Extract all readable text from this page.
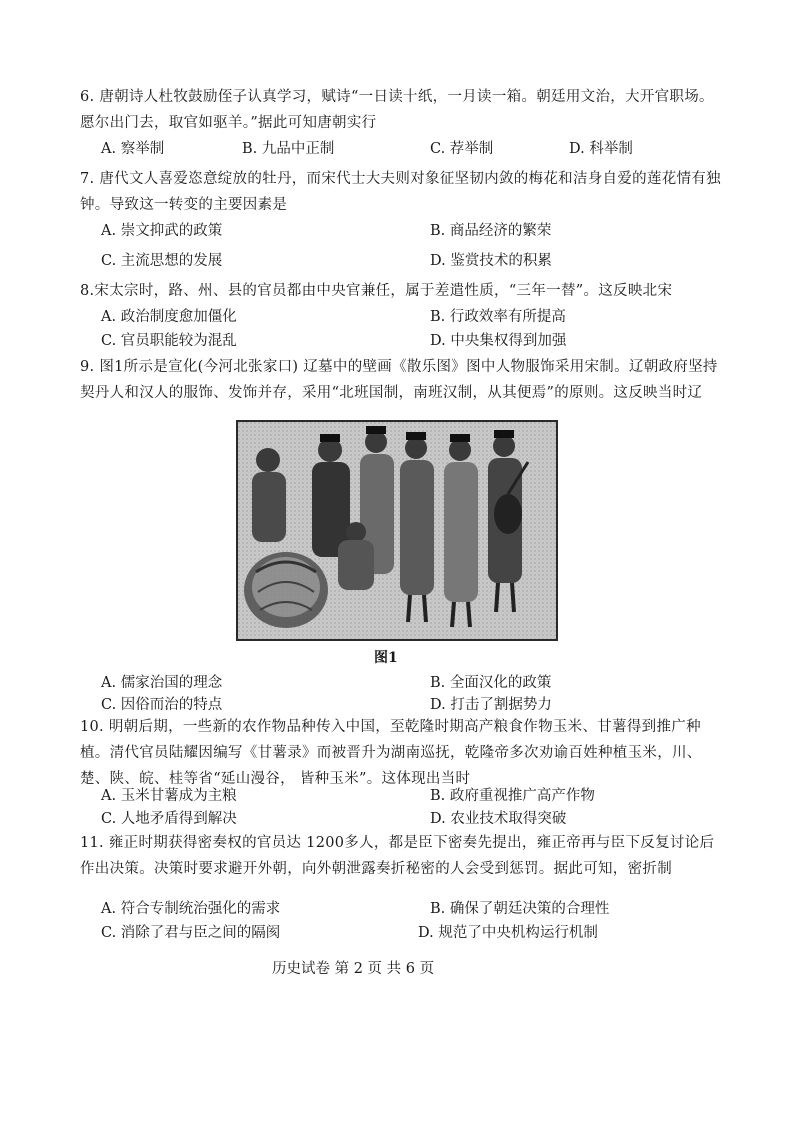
6. 唐朝诗人杜牧鼓励侄子认真学习，赋诗“一日读十纸，一月读一箱。朝廷用文治，大开官职场。愿尔出门去，取官如驱羊。”据此可知唐朝实行
A. 察举制	B. 九品中正制	C. 荐举制	D. 科举制
7. 唐代文人喜爱恣意绽放的牡丹，而宋代士大夫则对象征坚韧内敛的梅花和洁身自爱的莲花情有独钟。导致这一转变的主要因素是
A. 崇文抑武的政策	B. 商品经济的繁荣
C. 主流思想的发展	D. 鉴赏技术的积累
8.宋太宗时，路、州、县的官员都由中央官兼任，属于差遣性质，“三年一替”。这反映北宋
A. 政治制度愈加僵化	B. 行政效率有所提高
C. 官员职能较为混乱	D. 中央集权得到加强
9. 图1所示是宣化(今河北张家口) 辽墓中的壁画《散乐图》图中人物服饰采用宋制。辽朝政府坚持契丹人和汉人的服饰、发饰并存，采用“北班国制，南班汉制，从其便焉”的原则。这反映当时辽
图1
A. 儒家治国的理念	B. 全面汉化的政策
C. 因俗而治的特点	D. 打击了割据势力
10. 明朝后期，一些新的农作物品种传入中国，至乾隆时期高产粮食作物玉米、甘薯得到推广种植。清代官员陆耀因编写《甘薯录》而被晋升为湖南巡抚，乾隆帝多次劝谕百姓种植玉米，川、楚、陕、皖、桂等省“延山漫谷， 皆种玉米”。这体现出当时
A. 玉米甘薯成为主粮	B. 政府重视推广高产作物
C. 人地矛盾得到解决	D. 农业技术取得突破
11. 雍正时期获得密奏权的官员达 1200多人，都是臣下密奏先提出，雍正帝再与臣下反复讨论后作出决策。决策时要求避开外朝，向外朝泄露奏折秘密的人会受到惩罚。据此可知，密折制
A. 符合专制统治强化的需求	B. 确保了朝廷决策的合理性
C. 消除了君与臣之间的隔阂	D. 规范了中央机构运行机制
历史试卷 第 2 页 共 6 页
